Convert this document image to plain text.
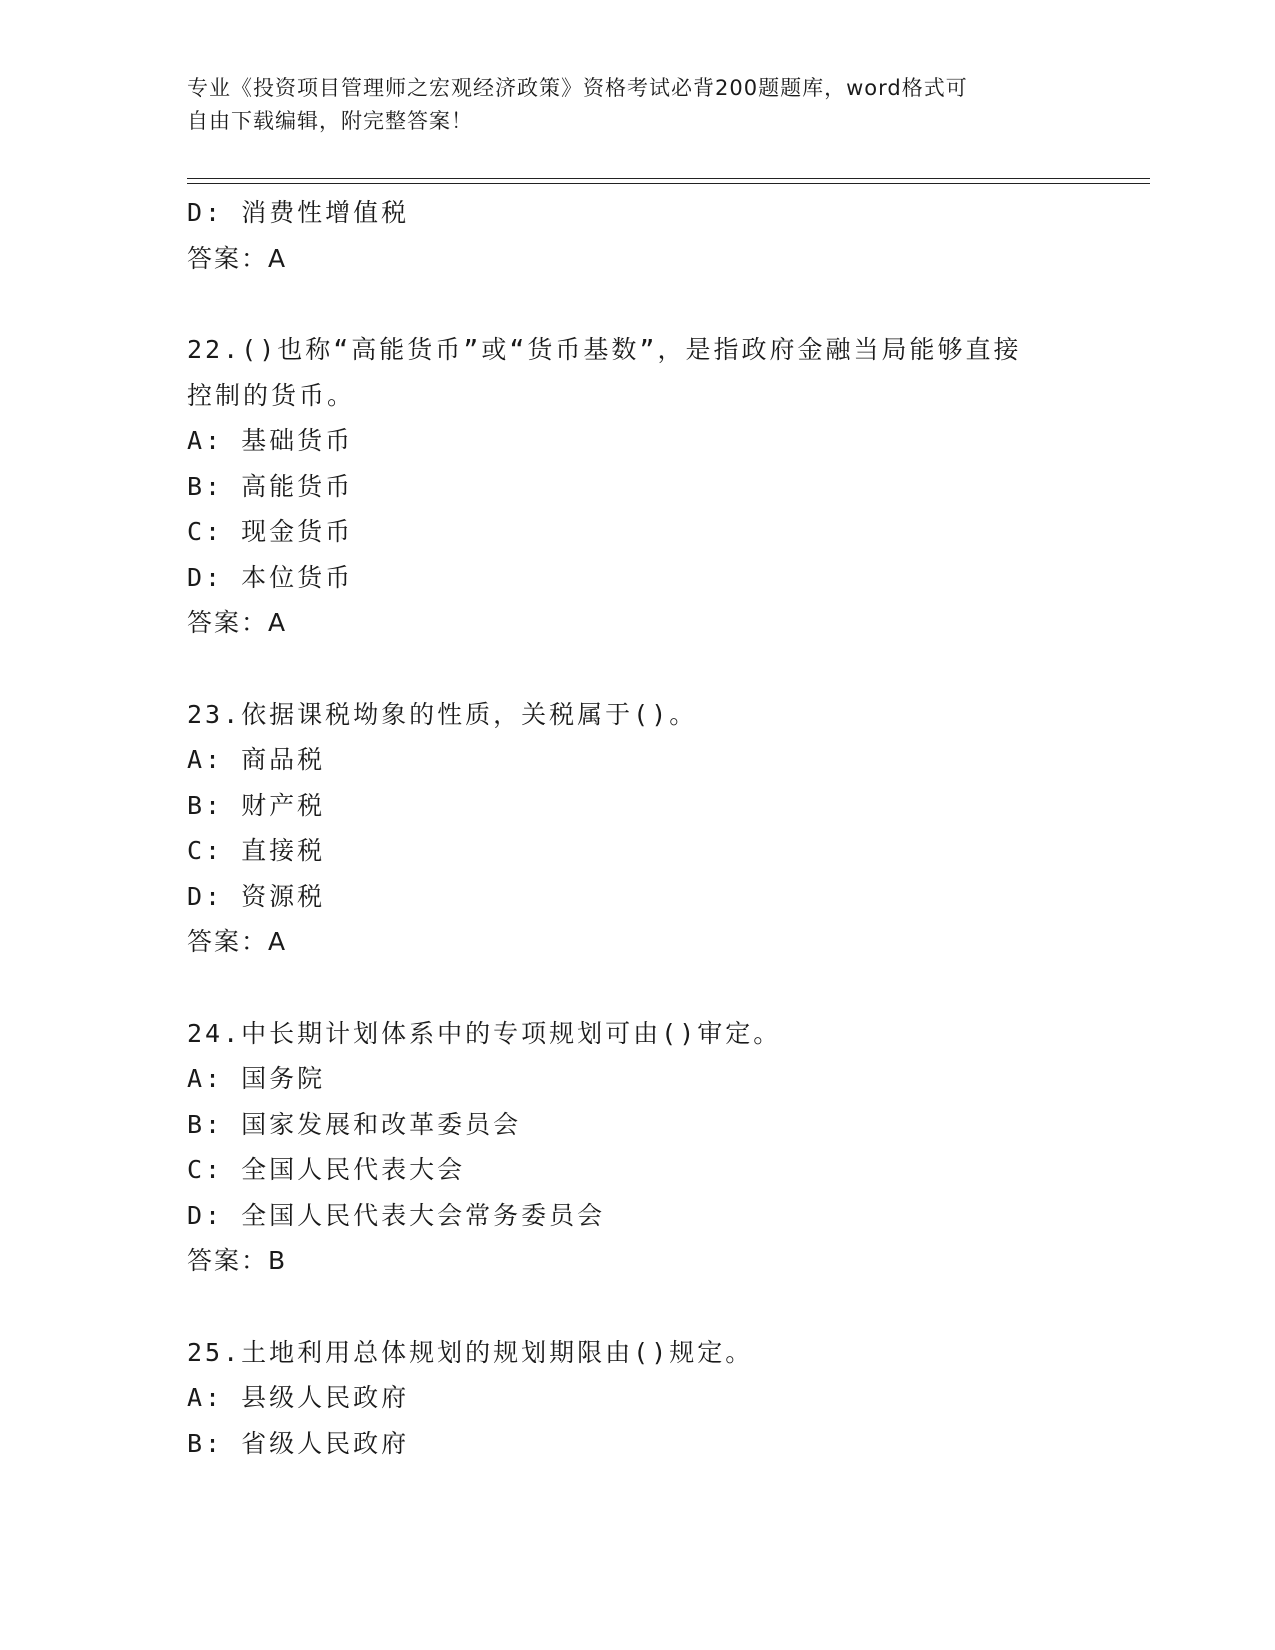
专业《投资项目管理师之宏观经济政策》资格考试必背200题题库，word格式可
自由下载编辑，附完整答案！
D: 消费性增值税
答案：A
22.()也称“高能货币”或“货币基数”，是指政府金融当局能够直接
控制的货币。
A: 基础货币
B: 高能货币
C: 现金货币
D: 本位货币
答案：A
23.依据课税坳象的性质，关税属于()。
A: 商品税
B: 财产税
C: 直接税
D: 资源税
答案：A
24.中长期计划体系中的专项规划可由()审定。
A: 国务院
B: 国家发展和改革委员会
C: 全国人民代表大会
D: 全国人民代表大会常务委员会
答案：B
25.土地利用总体规划的规划期限由()规定。
A: 县级人民政府
B: 省级人民政府
